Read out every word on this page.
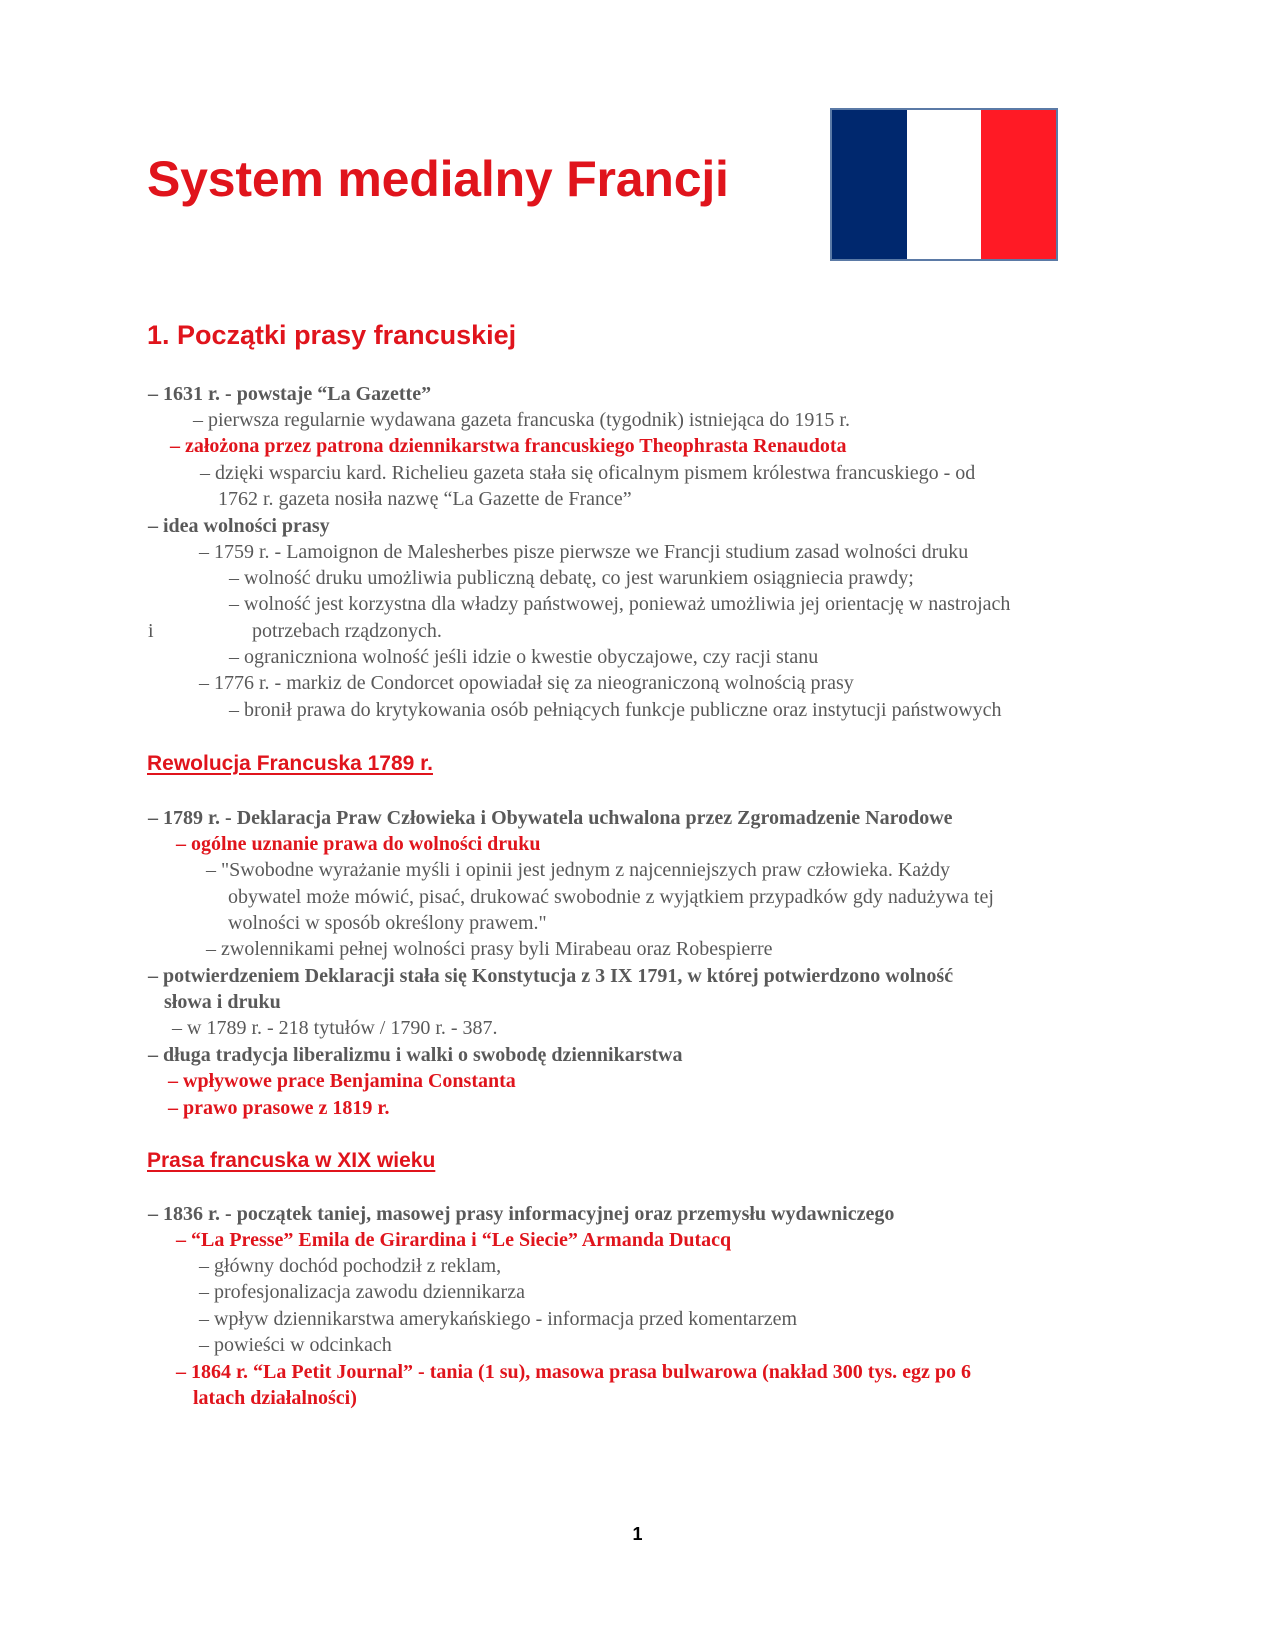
System medialny Francji
1. Początki prasy francuskiej
– 1631 r. - powstaje “La Gazette”
– pierwsza regularnie wydawana gazeta francuska (tygodnik) istniejąca do 1915 r.
– założona przez patrona dziennikarstwa francuskiego Theophrasta Renaudota
– dzięki wsparciu kard. Richelieu gazeta stała się oficalnym pismem królestwa francuskiego - od
1762 r. gazeta nosiła nazwę “La Gazette de France”
– idea wolności prasy
– 1759 r. - Lamoignon de Malesherbes pisze pierwsze we Francji studium zasad wolności druku
– wolność druku umożliwia publiczną debatę, co jest warunkiem osiągniecia prawdy;
– wolność jest korzystna dla władzy państwowej, ponieważ umożliwia jej orientację w nastrojach
i	potrzebach rządzonych.
– ograniczniona wolność jeśli idzie o kwestie obyczajowe, czy racji stanu
– 1776 r. - markiz de Condorcet opowiadał się za nieograniczoną wolnością prasy
– bronił prawa do krytykowania osób pełniących funkcje publiczne oraz instytucji państwowych
Rewolucja Francuska 1789 r.
– 1789 r. - Deklaracja Praw Człowieka i Obywatela uchwalona przez Zgromadzenie Narodowe
– ogólne uznanie prawa do wolności druku
– "Swobodne wyrażanie myśli i opinii jest jednym z najcenniejszych praw człowieka. Każdy
obywatel może mówić, pisać, drukować swobodnie z wyjątkiem przypadków gdy nadużywa tej
wolności w sposób określony prawem."
– zwolennikami pełnej wolności prasy byli Mirabeau oraz Robespierre
– potwierdzeniem Deklaracji stała się Konstytucja z 3 IX 1791, w której potwierdzono wolność
słowa i druku
– w 1789 r. - 218 tytułów / 1790 r. - 387.
– długa tradycja liberalizmu i walki o swobodę dziennikarstwa
– wpływowe prace Benjamina Constanta
– prawo prasowe z 1819 r.
Prasa francuska w XIX wieku
– 1836 r. - początek taniej, masowej prasy informacyjnej oraz przemysłu wydawniczego
– “La Presse” Emila de Girardina i “Le Siecie” Armanda Dutacq
– główny dochód pochodził z reklam,
– profesjonalizacja zawodu dziennikarza
– wpływ dziennikarstwa amerykańskiego - informacja przed komentarzem
– powieści w odcinkach
– 1864 r. “La Petit Journal” - tania (1 su), masowa prasa bulwarowa (nakład 300 tys. egz po 6
latach działalności)
1
